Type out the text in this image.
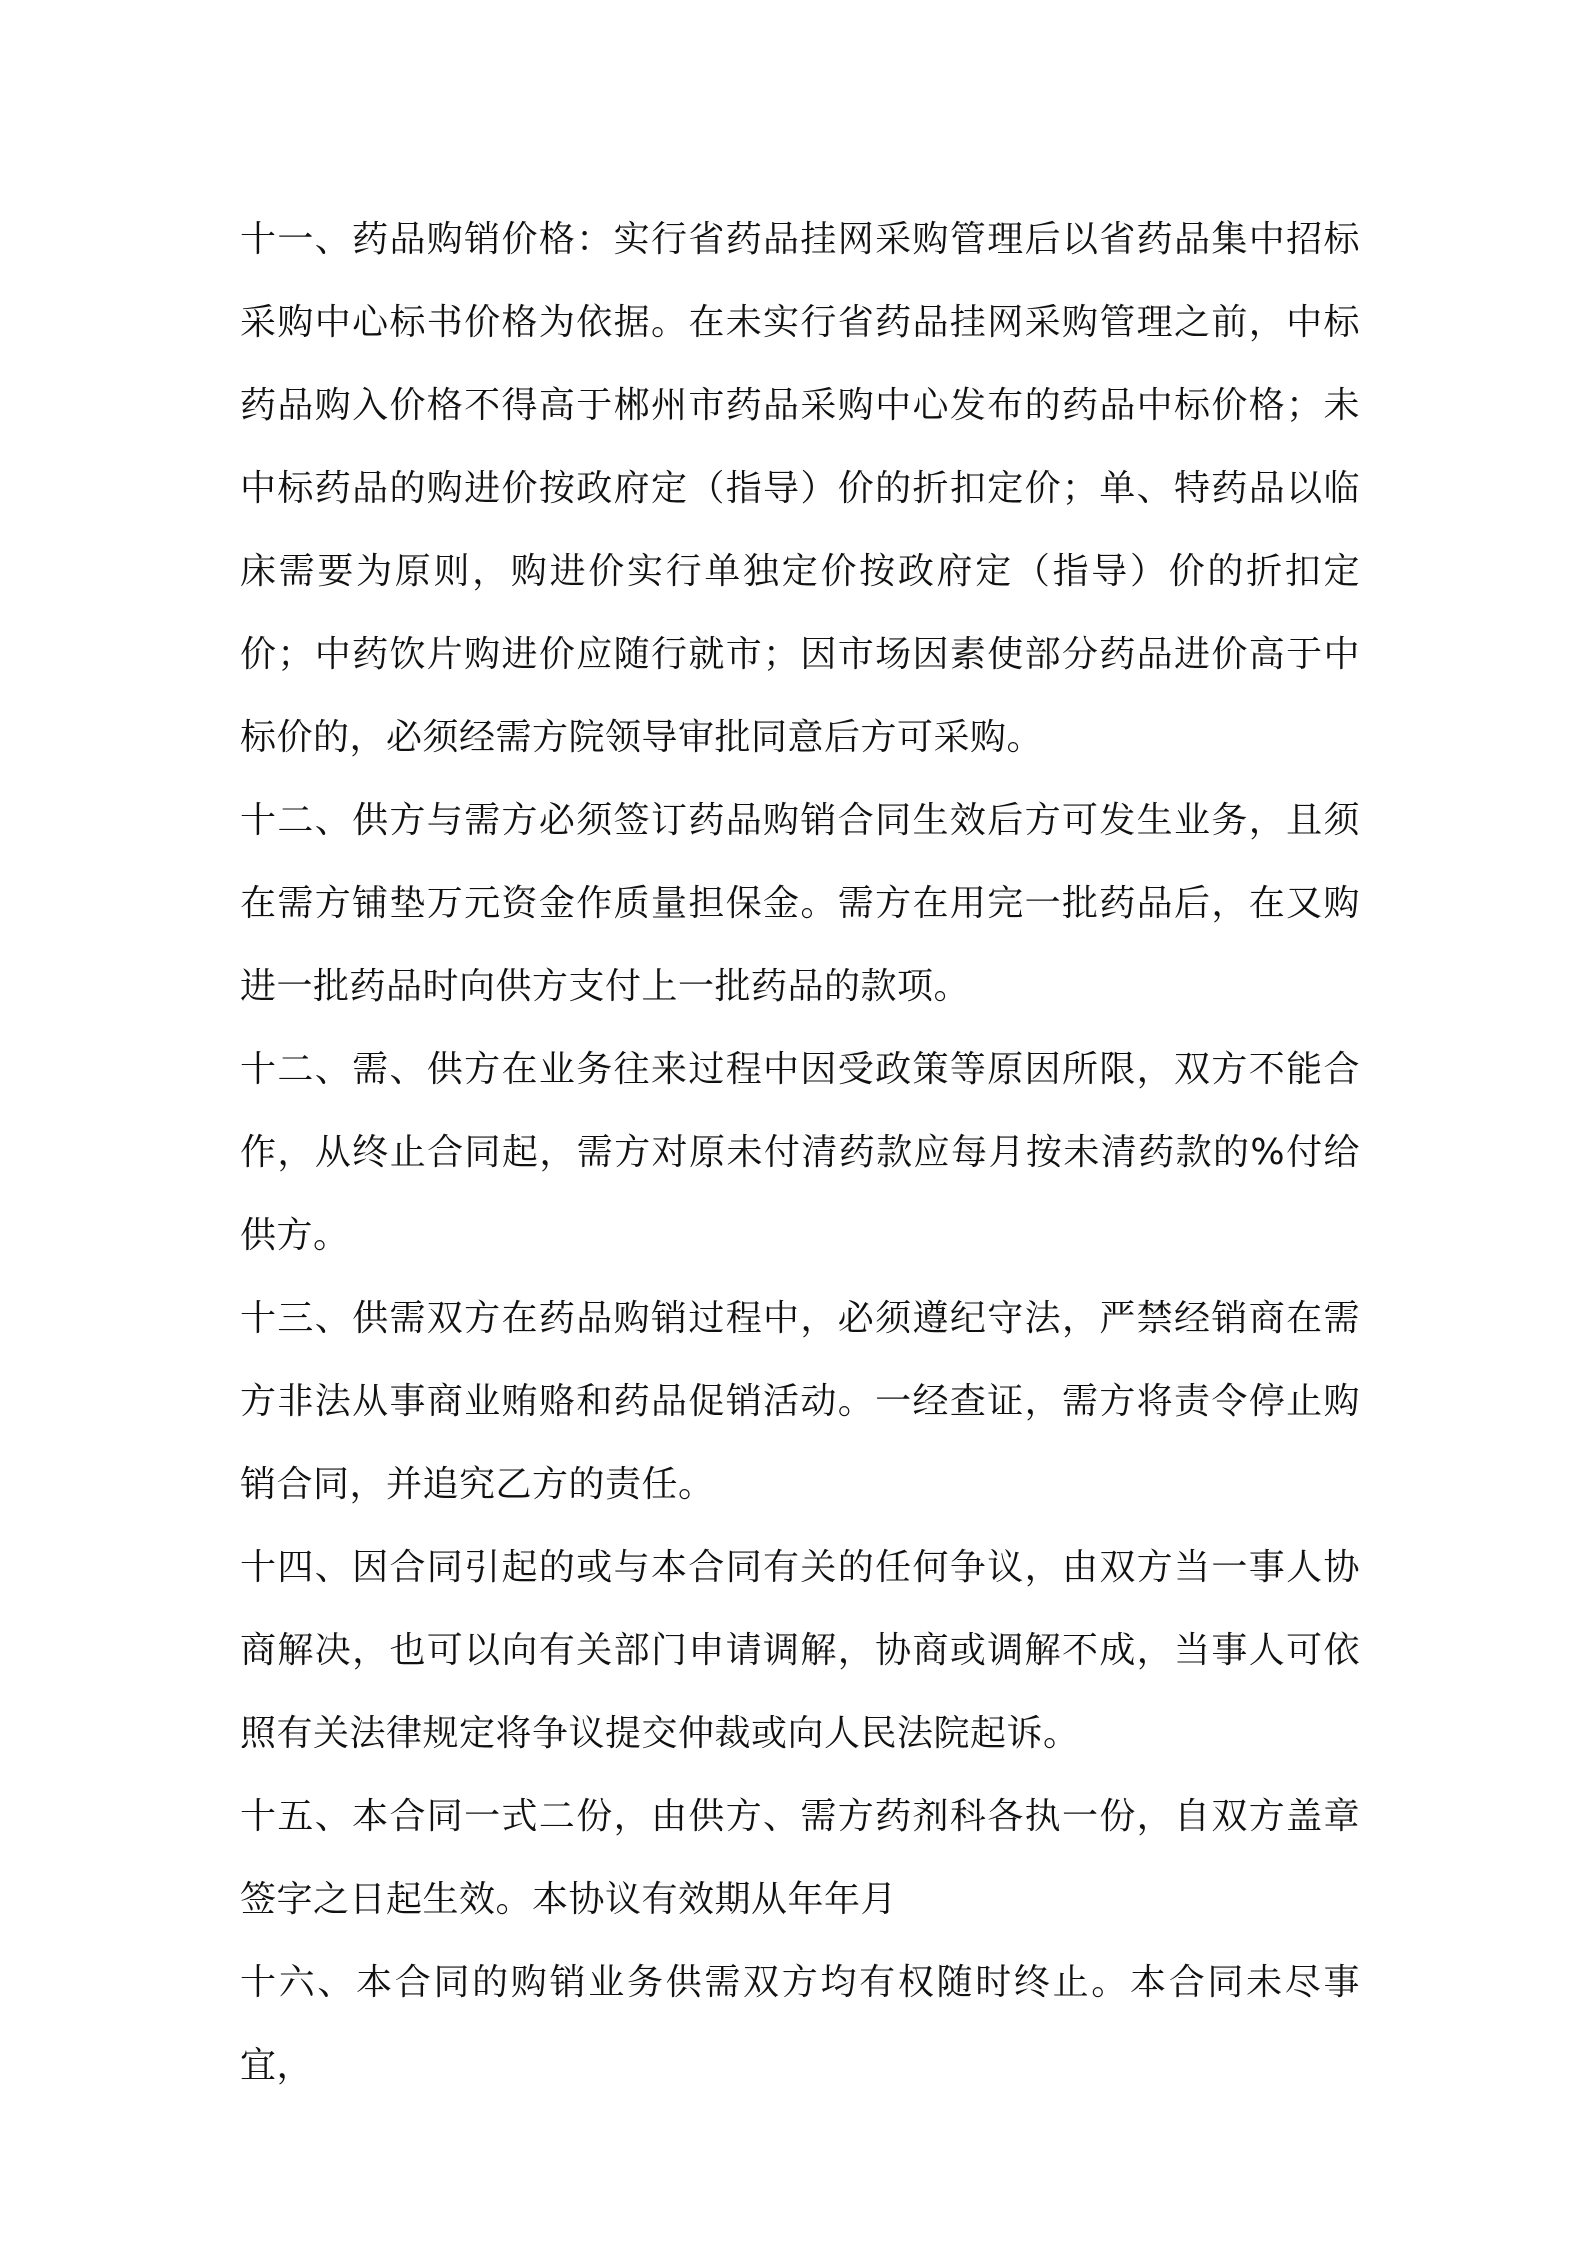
十一、药品购销价格：实行省药品挂网采购管理后以省药品集中招标采购中心标书价格为依据。在未实行省药品挂网采购管理之前，中标药品购入价格不得高于郴州市药品采购中心发布的药品中标价格；未中标药品的购进价按政府定（指导）价的折扣定价；单、特药品以临床需要为原则，购进价实行单独定价按政府定（指导）价的折扣定价；中药饮片购进价应随行就市；因市场因素使部分药品进价高于中标价的，必须经需方院领导审批同意后方可采购。

十二、供方与需方必须签订药品购销合同生效后方可发生业务，且须在需方铺垫万元资金作质量担保金。需方在用完一批药品后，在又购进一批药品时向供方支付上一批药品的款项。

十二、需、供方在业务往来过程中因受政策等原因所限，双方不能合作，从终止合同起，需方对原未付清药款应每月按未清药款的%付给供方。

十三、供需双方在药品购销过程中，必须遵纪守法，严禁经销商在需方非法从事商业贿赂和药品促销活动。一经查证，需方将责令停止购销合同，并追究乙方的责任。

十四、因合同引起的或与本合同有关的任何争议，由双方当一事人协商解决，也可以向有关部门申请调解，协商或调解不成，当事人可依照有关法律规定将争议提交仲裁或向人民法院起诉。

十五、本合同一式二份，由供方、需方药剂科各执一份，自双方盖章签字之日起生效。本协议有效期从年年月

十六、本合同的购销业务供需双方均有权随时终止。本合同未尽事宜，
